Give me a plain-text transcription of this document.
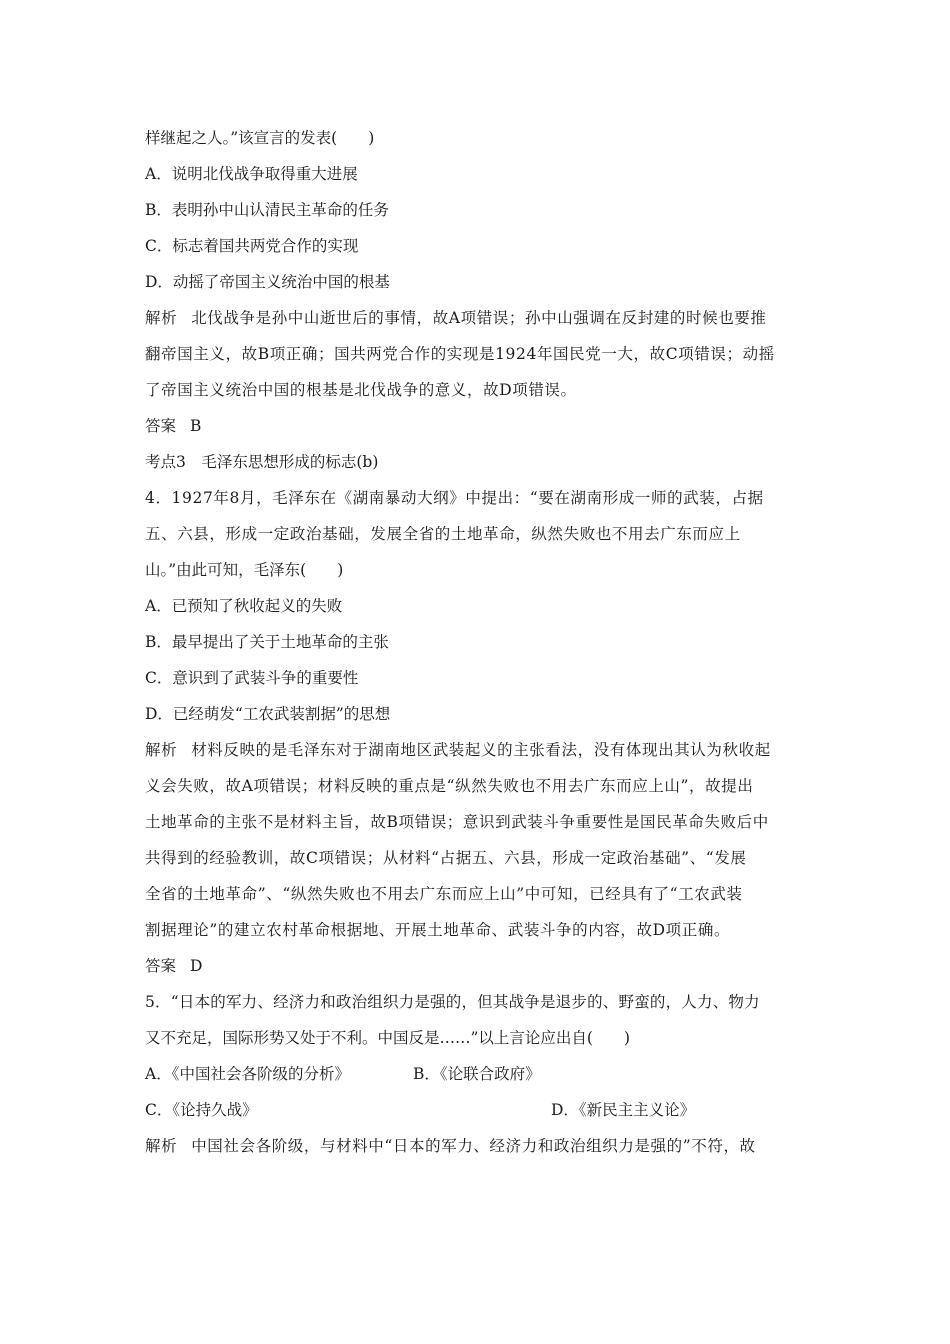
样继起之人。”该宣言的发表(　　)
A．说明北伐战争取得重大进展
B．表明孙中山认清民主革命的任务
C．标志着国共两党合作的实现
D．动摇了帝国主义统治中国的根基
解析 北伐战争是孙中山逝世后的事情，故A项错误；孙中山强调在反封建的时候也要推
翻帝国主义，故B项正确；国共两党合作的实现是1924年国民党一大，故C项错误；动摇
了帝国主义统治中国的根基是北伐战争的意义，故D项错误。
答案 B
考点3　毛泽东思想形成的标志(b)
4．1927年8月，毛泽东在《湖南暴动大纲》中提出：“要在湖南形成一师的武装，占据
五、六县，形成一定政治基础，发展全省的土地革命，纵然失败也不用去广东而应上
山。”由此可知，毛泽东(　　)
A．已预知了秋收起义的失败
B．最早提出了关于土地革命的主张
C．意识到了武装斗争的重要性
D．已经萌发“工农武装割据”的思想
解析 材料反映的是毛泽东对于湖南地区武装起义的主张看法，没有体现出其认为秋收起
义会失败，故A项错误；材料反映的重点是“纵然失败也不用去广东而应上山”，故提出
土地革命的主张不是材料主旨，故B项错误；意识到武装斗争重要性是国民革命失败后中
共得到的经验教训，故C项错误；从材料“占据五、六县，形成一定政治基础”、“发展
全省的土地革命”、“纵然失败也不用去广东而应上山”中可知，已经具有了“工农武装
割据理论”的建立农村革命根据地、开展土地革命、武装斗争的内容，故D项正确。
答案 D
5．“日本的军力、经济力和政治组织力是强的，但其战争是退步的、野蛮的，人力、物力
又不充足，国际形势又处于不利。中国反是……”以上言论应出自(　　)
A．《中国社会各阶级的分析》	B．《论联合政府》
C．《论持久战》	D．《新民主主义论》
解析 中国社会各阶级，与材料中“日本的军力、经济力和政治组织力是强的”不符，故
